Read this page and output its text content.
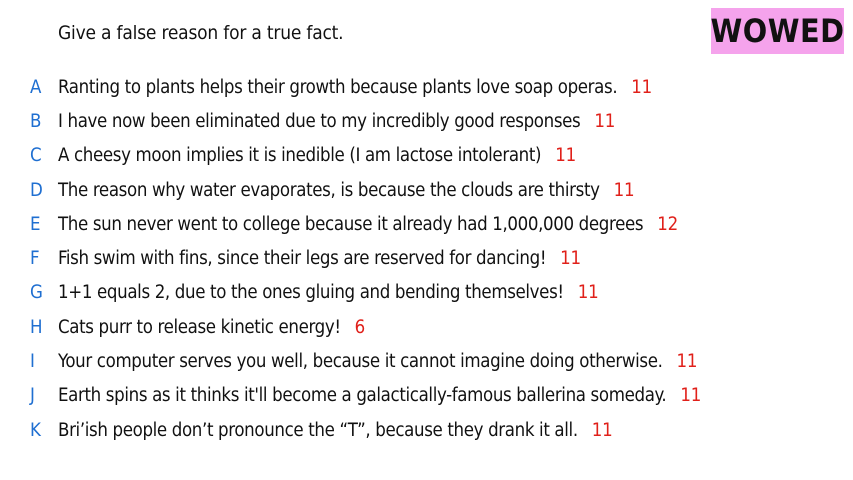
Give a false reason for a true fact.	WOWED
A Ranting to plants helps their growth because plants love soap operas. 11
B I have now been eliminated due to my incredibly good responses 11
C A cheesy moon implies it is inedible (I am lactose intolerant) 11
D The reason why water evaporates, is because the clouds are thirsty 11
E The sun never went to college because it already had 1,000,000 degrees 12
F Fish swim with fins, since their legs are reserved for dancing! 11
G 1+1 equals 2, due to the ones gluing and bending themselves! 11
H Cats purr to release kinetic energy! 6
I	Your computer serves you well, because it cannot imagine doing otherwise. 11
J	Earth spins as it thinks it'll become a galactically-famous ballerina someday. 11
K Bri’ish people don’t pronounce the “T”, because they drank it all. 11
